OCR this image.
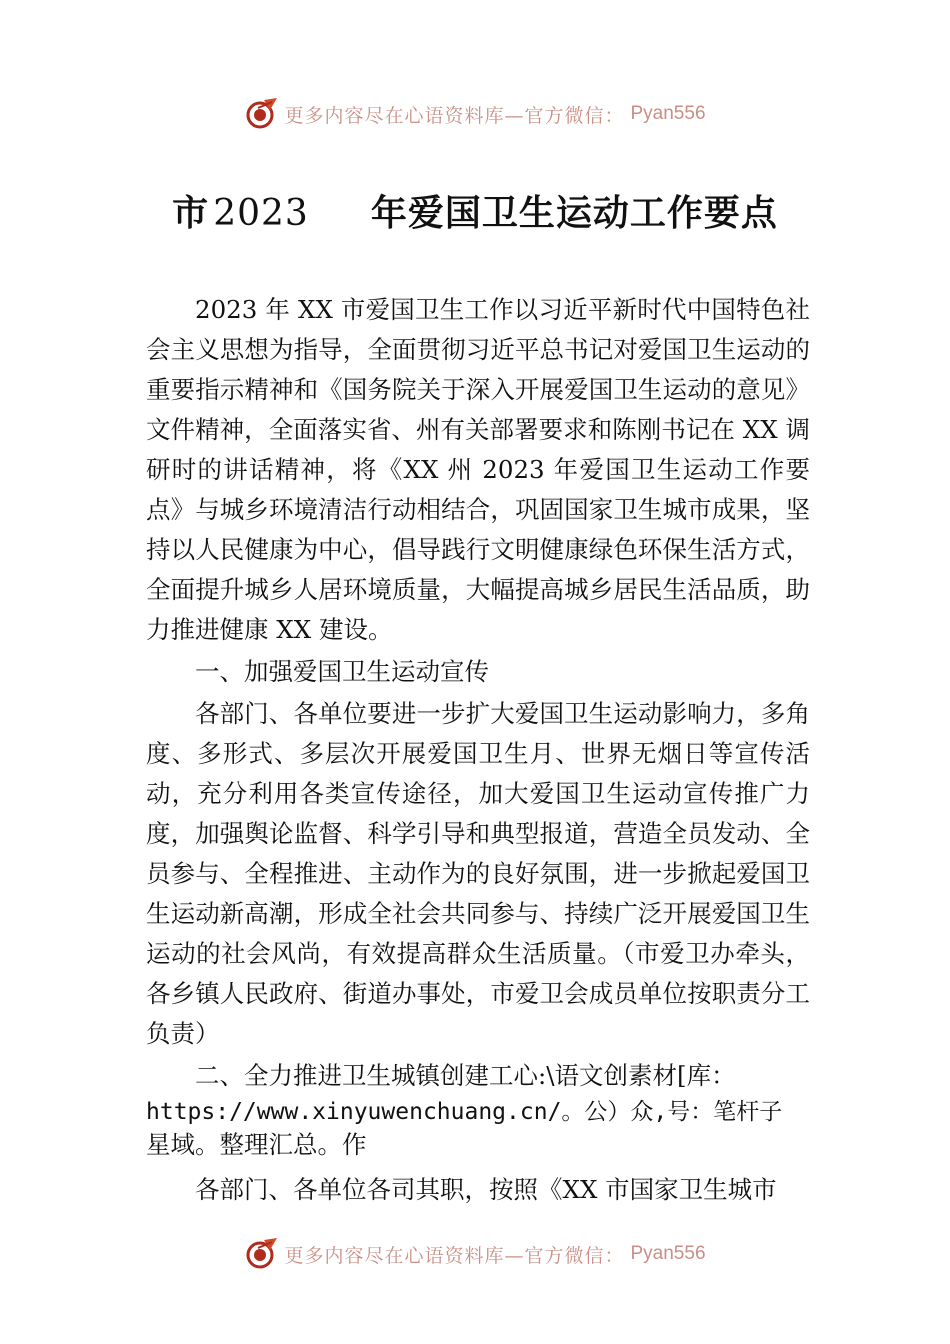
更多内容尽在心语资料库—官方微信： Pyan556
市 2023 年爱国卫生运动工作要点

2023 年 XX 市爱国卫生工作以习近平新时代中国特色社会主义思想为指导，全面贯彻习近平总书记对爱国卫生运动的重要指示精神和《国务院关于深入开展爱国卫生运动的意见》文件精神，全面落实省、州有关部署要求和陈刚书记在 XX 调研时的讲话精神，将《XX 州 2023 年爱国卫生运动工作要点》与城乡环境清洁行动相结合，巩固国家卫生城市成果，坚持以人民健康为中心，倡导践行文明健康绿色环保生活方式，全面提升城乡人居环境质量，大幅提高城乡居民生活品质，助力推进健康 XX 建设。

一、加强爱国卫生运动宣传

各部门、各单位要进一步扩大爱国卫生运动影响力，多角度、多形式、多层次开展爱国卫生月、世界无烟日等宣传活动，充分利用各类宣传途径，加大爱国卫生运动宣传推广力度，加强舆论监督、科学引导和典型报道，营造全员发动、全员参与、全程推进、主动作为的良好氛围，进一步掀起爱国卫生运动新高潮，形成全社会共同参与、持续广泛开展爱国卫生运动的社会风尚，有效提高群众生活质量。（市爱卫办牵头，各乡镇人民政府、街道办事处，市爱卫会成员单位按职责分工负责）

二、全力推进卫生城镇创建工心:\语文创素材[库：

https://www.xinyuwenchuang.cn/。公）众,号：笔杆子
星域。整理汇总。作

各部门、各单位各司其职，按照《XX 市国家卫生城市

更多内容尽在心语资料库—官方微信： Pyan556
